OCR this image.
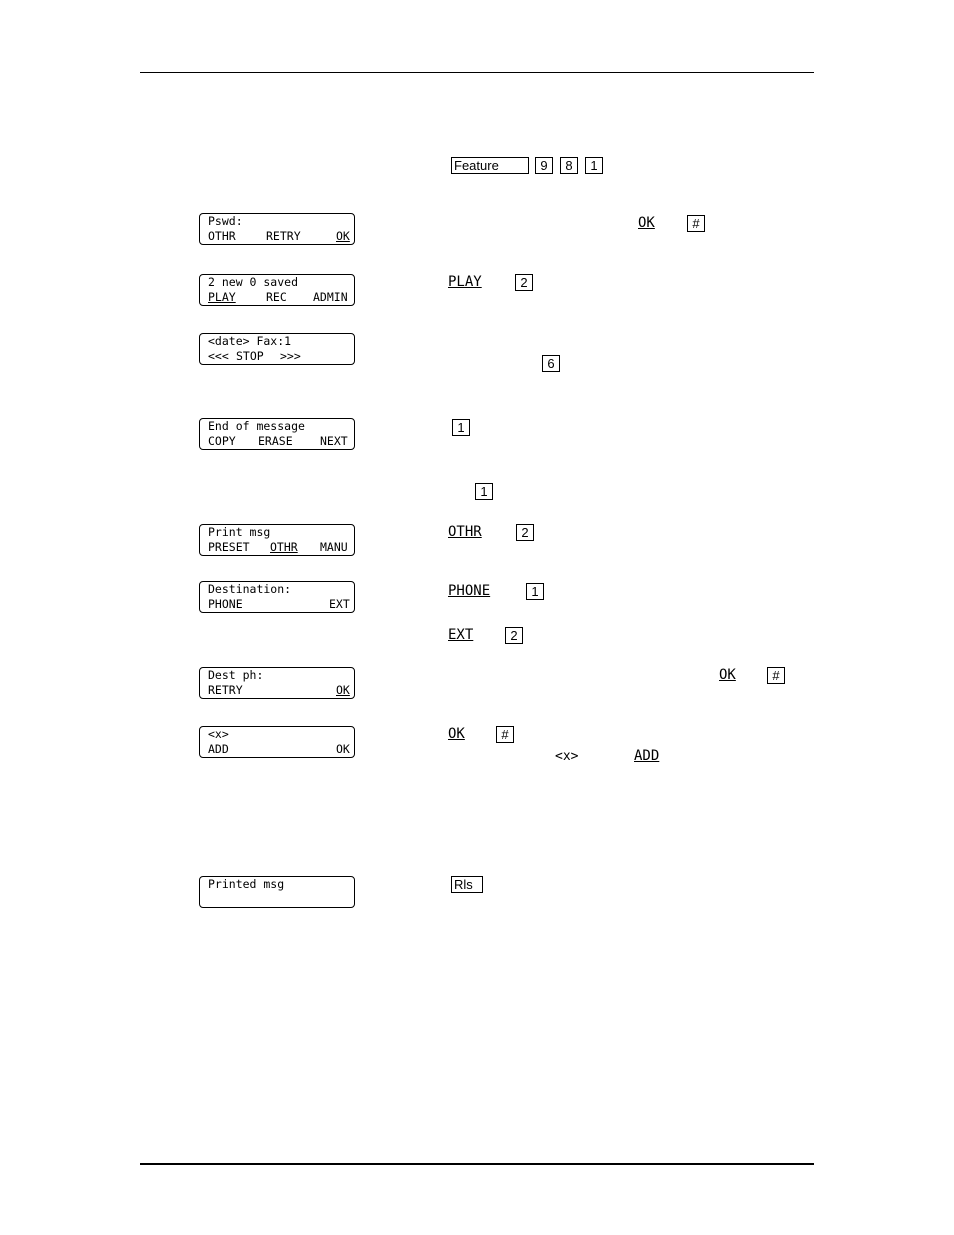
Pswd:

OTHR

	RETRY

	OK

2 new 0 saved

PLAY

	REC

ADMIN

<date> Fax:1

<<<

STOP

>>>

End of message

COPY

ERASE

NEXT

Print msg

PRESET

OTHR

MANU

Destination:

PHONE

	EXT

Dest ph:

RETRY

	OK

<x>

ADD

	OK

Printed msg
Feature	9	8	1
OK	#
PLAY	2
6
1
1
OTHR	2
PHONE	1
EXT	2
OK	#
OK	#
<x>	ADD
Rls
